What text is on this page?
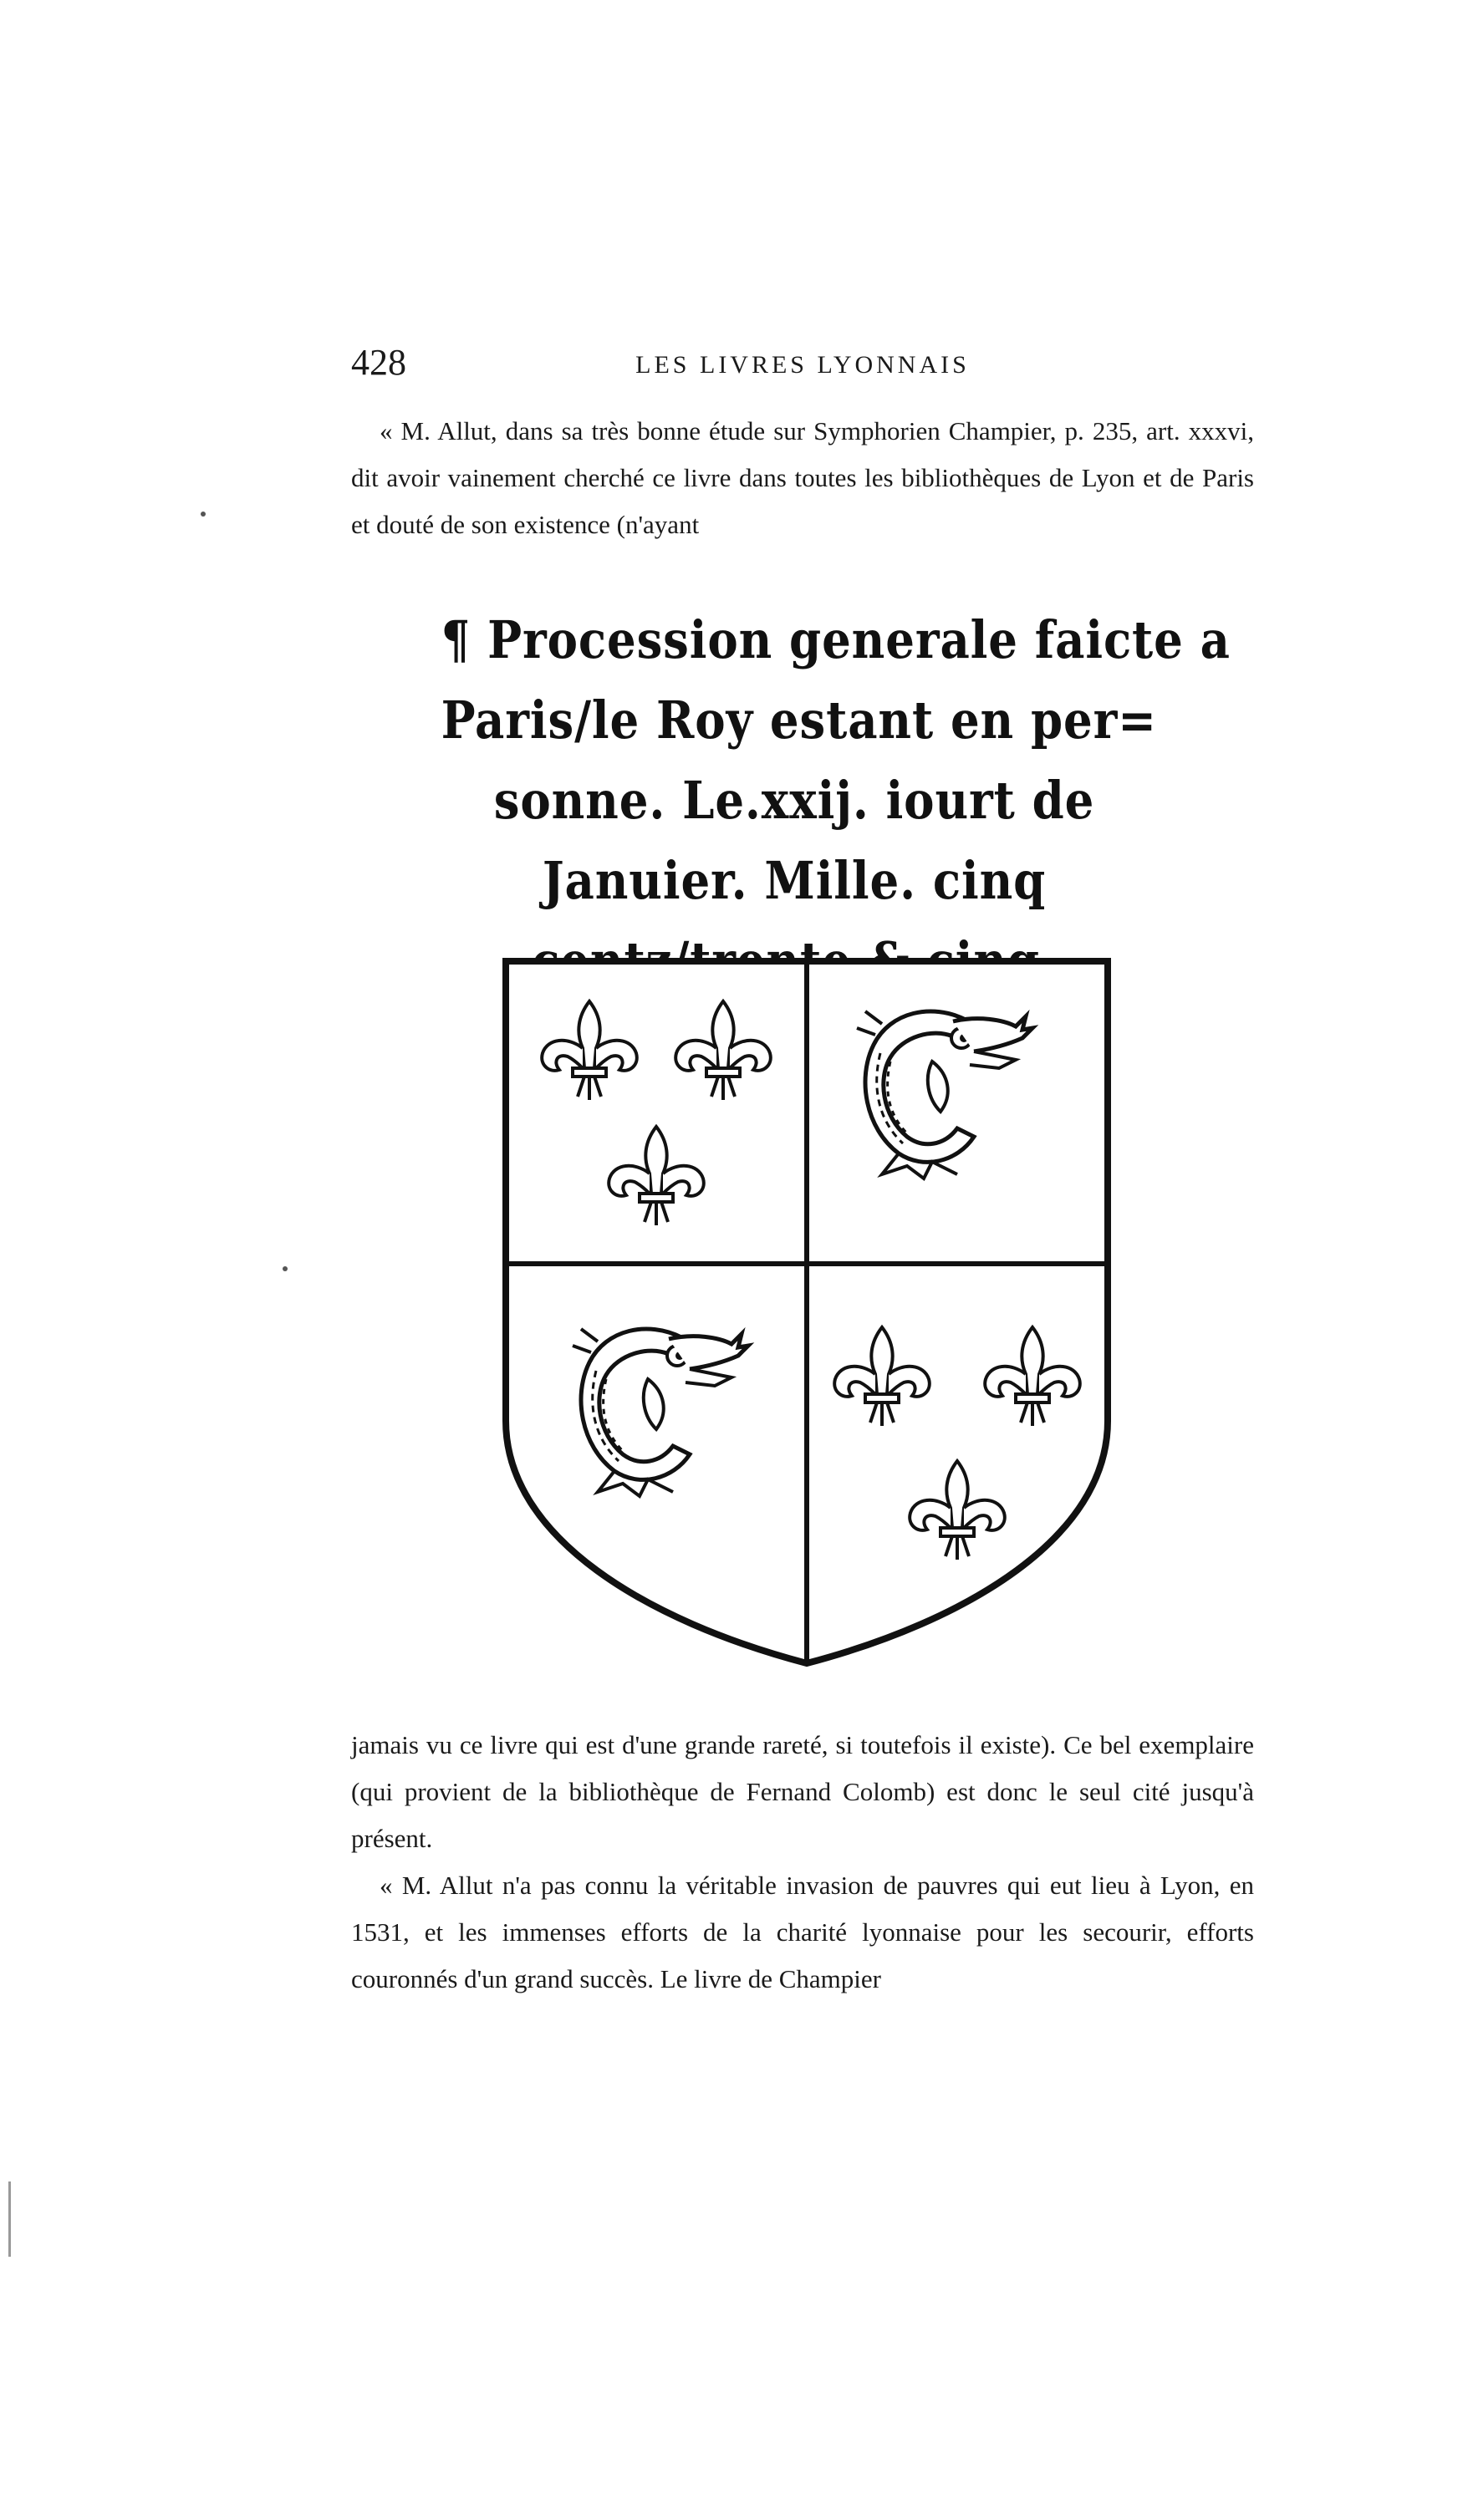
428	LES LIVRES LYONNAIS

« M. Allut, dans sa très bonne étude sur Symphorien Champier, p. 235, art. xxxvi, dit avoir vainement cherché ce livre dans toutes les bibliothèques de Lyon et de Paris et douté de son existence (n'ayant

¶ Procession generale faicte a
Paris/le Roy estant en per=
sonne. Le.xxij. iourt de
Januier. Mille. cinq

jamais vu ce livre qui est d'une grande rareté, si toutefois il existe). Ce bel exemplaire (qui provient de la bibliothèque de Fernand Colomb) est donc le seul cité jusqu'à présent.

« M. Allut n'a pas connu la véritable invasion de pauvres qui eut lieu à Lyon, en 1531, et les immenses efforts de la charité lyonnaise pour les secourir, efforts couronnés d'un grand succès. Le livre de Champier
